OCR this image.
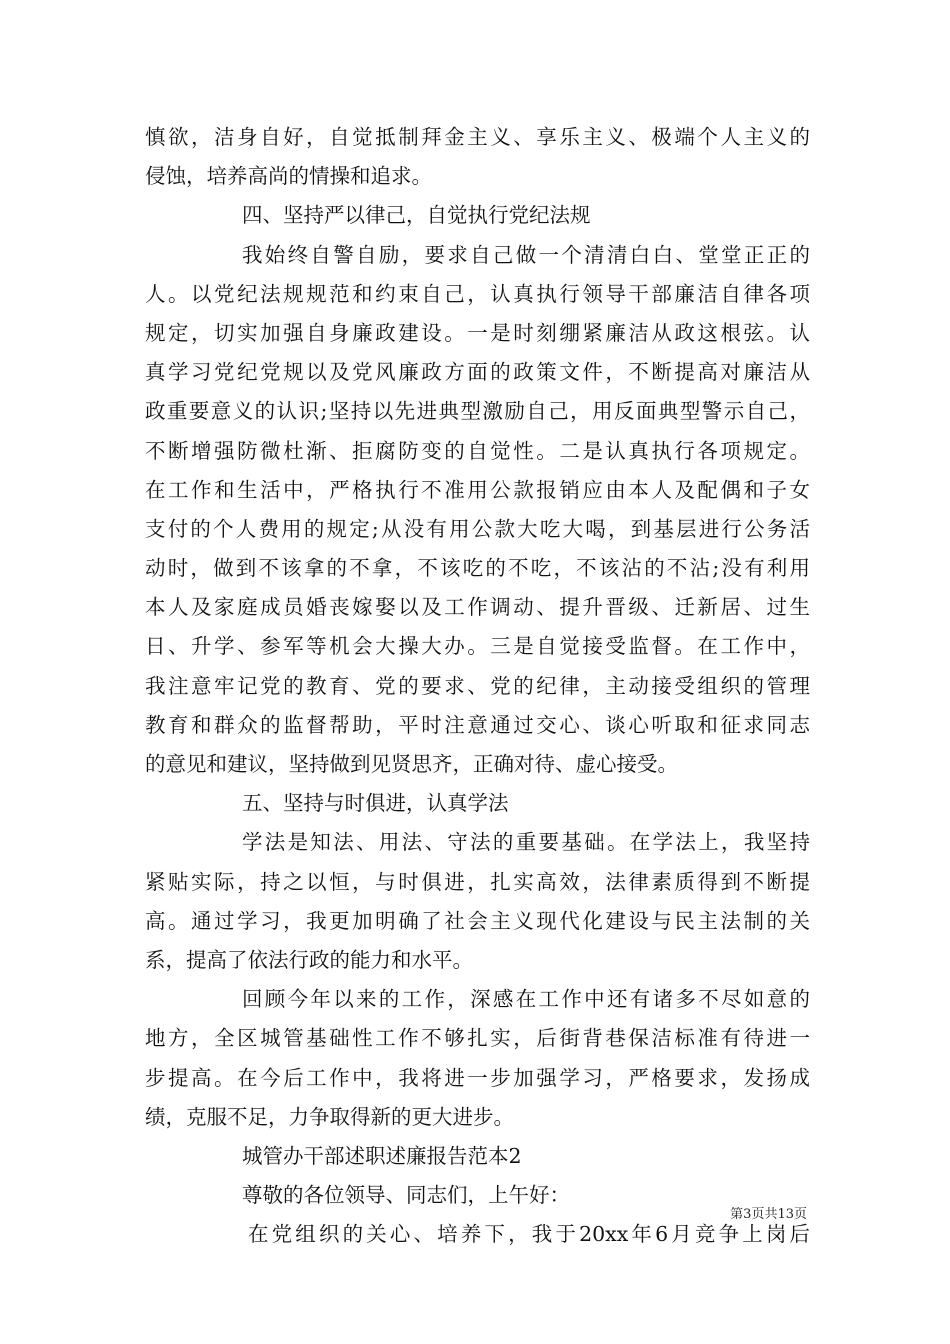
慎欲，洁身自好，自觉抵制拜金主义、享乐主义、极端个人主义的
侵蚀，培养高尚的情操和追求。
四、坚持严以律己，自觉执行党纪法规
我始终自警自励，要求自己做一个清清白白、堂堂正正的
人。以党纪法规规范和约束自己，认真执行领导干部廉洁自律各项
规定，切实加强自身廉政建设。一是时刻绷紧廉洁从政这根弦。认
真学习党纪党规以及党风廉政方面的政策文件，不断提高对廉洁从
政重要意义的认识;坚持以先进典型激励自己，用反面典型警示自己，
不断增强防微杜渐、拒腐防变的自觉性。二是认真执行各项规定。
在工作和生活中，严格执行不准用公款报销应由本人及配偶和子女
支付的个人费用的规定;从没有用公款大吃大喝，到基层进行公务活
动时，做到不该拿的不拿，不该吃的不吃，不该沾的不沾;没有利用
本人及家庭成员婚丧嫁娶以及工作调动、提升晋级、迁新居、过生
日、升学、参军等机会大操大办。三是自觉接受监督。在工作中，
我注意牢记党的教育、党的要求、党的纪律，主动接受组织的管理
教育和群众的监督帮助，平时注意通过交心、谈心听取和征求同志
的意见和建议，坚持做到见贤思齐，正确对待、虚心接受。
五、坚持与时俱进，认真学法
学法是知法、用法、守法的重要基础。在学法上，我坚持
紧贴实际，持之以恒，与时俱进，扎实高效，法律素质得到不断提
高。通过学习，我更加明确了社会主义现代化建设与民主法制的关
系，提高了依法行政的能力和水平。
回顾今年以来的工作，深感在工作中还有诸多不尽如意的
地方，全区城管基础性工作不够扎实，后街背巷保洁标准有待进一
步提高。在今后工作中，我将进一步加强学习，严格要求，发扬成
绩，克服不足，力争取得新的更大进步。
城管办干部述职述廉报告范本2
尊敬的各位领导、同志们，上午好：
在党组织的关心、培养下，我于20xx年6月竞争上岗后
第3页共13页
